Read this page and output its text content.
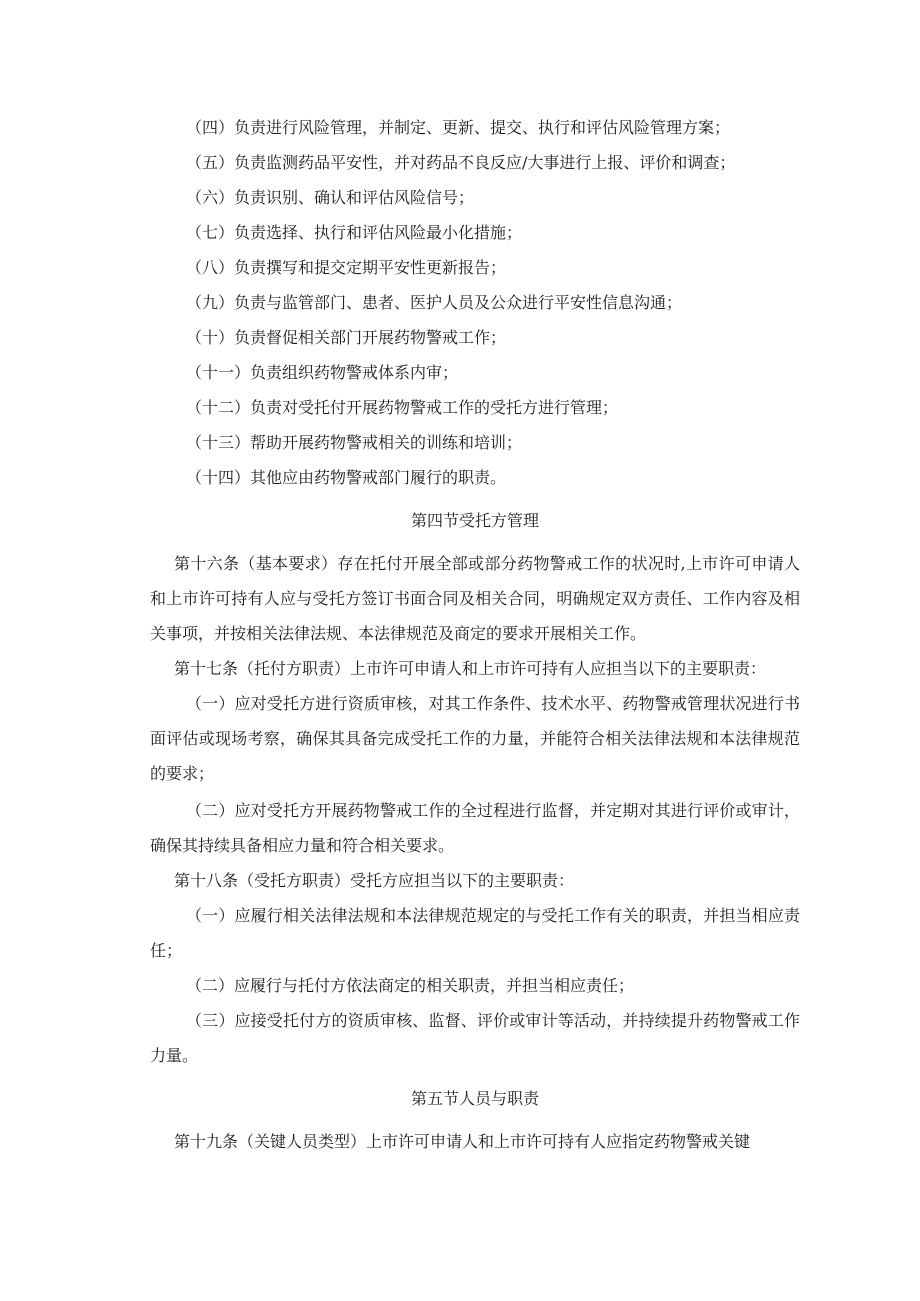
（四）负责进行风险管理，并制定、更新、提交、执行和评估风险管理方案；

（五）负责监测药品平安性，并对药品不良反应/大事进行上报、评价和调查；

（六）负责识别、确认和评估风险信号；

（七）负责选择、执行和评估风险最小化措施；

（八）负责撰写和提交定期平安性更新报告；

（九）负责与监管部门、患者、医护人员及公众进行平安性信息沟通；

（十）负责督促相关部门开展药物警戒工作；

（十一）负责组织药物警戒体系内审；

（十二）负责对受托付开展药物警戒工作的受托方进行管理；

（十三）帮助开展药物警戒相关的训练和培训；

（十四）其他应由药物警戒部门履行的职责。

第四节受托方管理

第十六条（基本要求）存在托付开展全部或部分药物警戒工作的状况时,上市许可申请人和上市许可持有人应与受托方签订书面合同及相关合同，明确规定双方责任、工作内容及相关事项，并按相关法律法规、本法律规范及商定的要求开展相关工作。

第十七条（托付方职责）上市许可申请人和上市许可持有人应担当以下的主要职责：

（一）应对受托方进行资质审核，对其工作条件、技术水平、药物警戒管理状况进行书面评估或现场考察，确保其具备完成受托工作的力量，并能符合相关法律法规和本法律规范的要求；

（二）应对受托方开展药物警戒工作的全过程进行监督，并定期对其进行评价或审计，确保其持续具备相应力量和符合相关要求。

第十八条（受托方职责）受托方应担当以下的主要职责：

（一）应履行相关法律法规和本法律规范规定的与受托工作有关的职责，并担当相应责任；

（二）应履行与托付方依法商定的相关职责，并担当相应责任；

（三）应接受托付方的资质审核、监督、评价或审计等活动，并持续提升药物警戒工作力量。

第五节人员与职责

第十九条（关键人员类型）上市许可申请人和上市许可持有人应指定药物警戒关键
